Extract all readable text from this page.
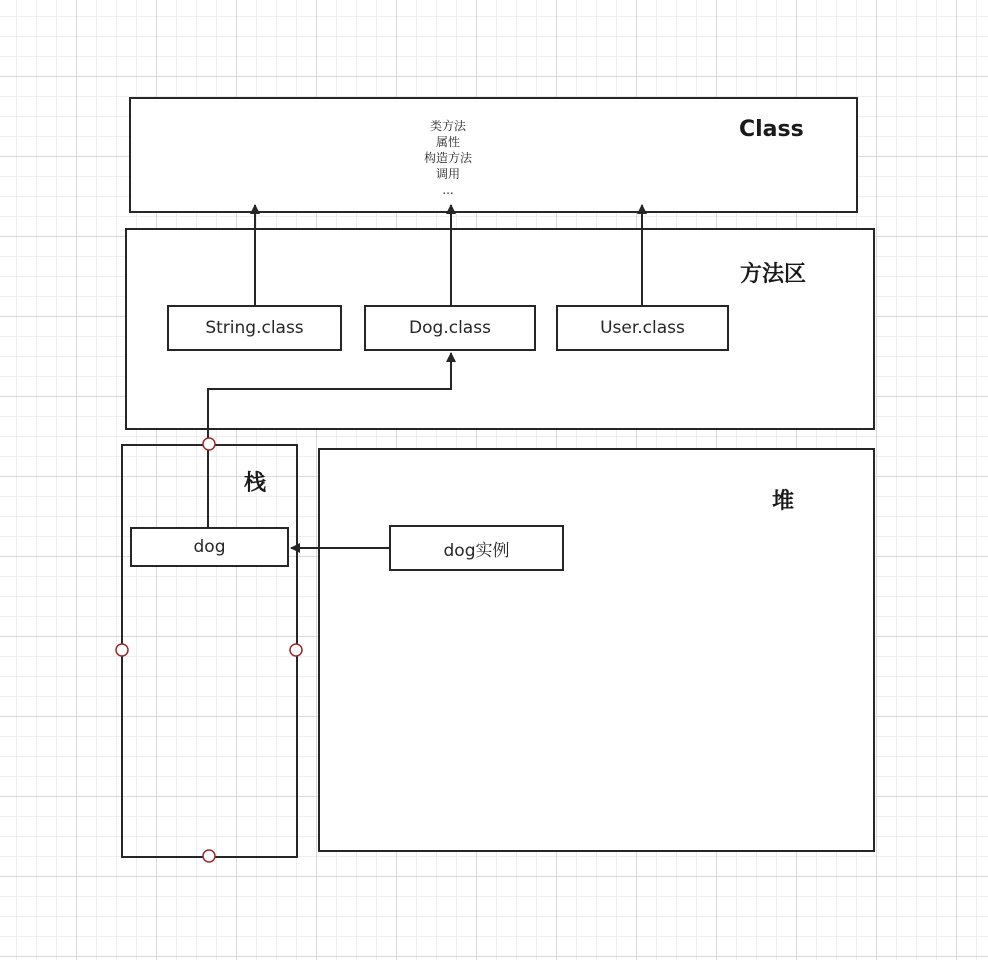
类方法
属性
构造方法
调用
...
Class
方法区
String.class	Dog.class	User.class
栈
dog
堆
dog实例
